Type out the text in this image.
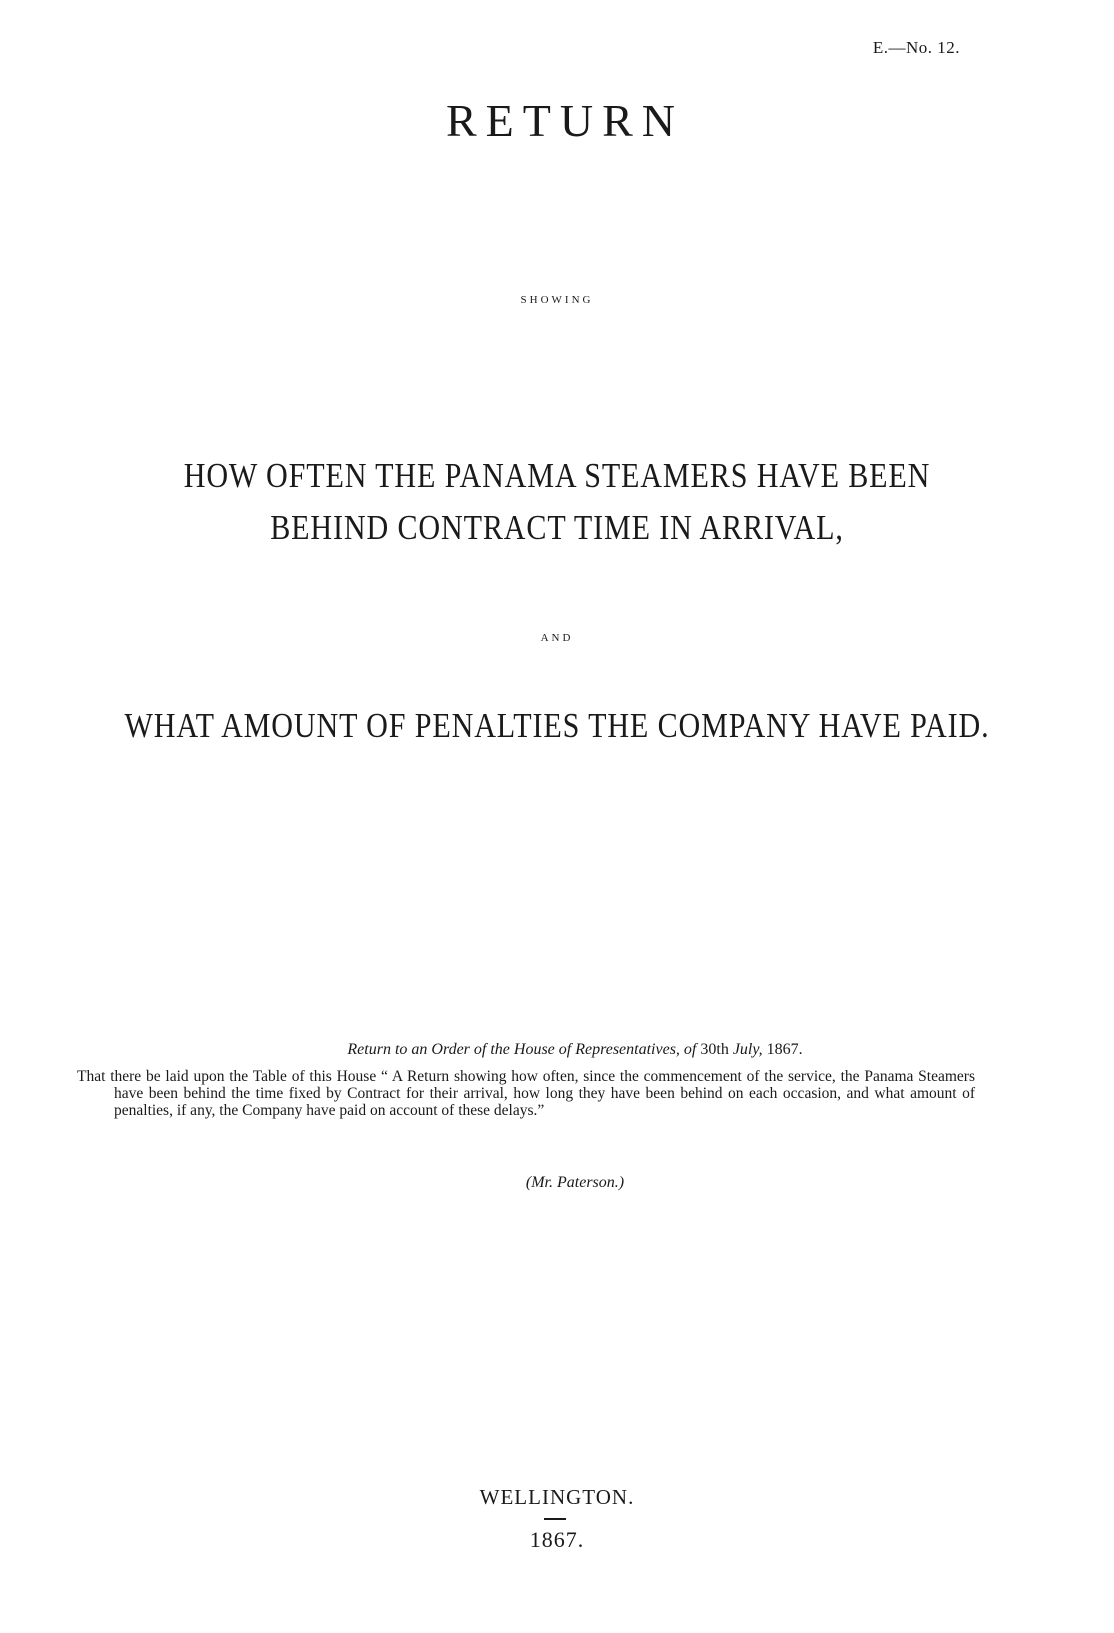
E.—No. 12.
RETURN
SHOWING
HOW OFTEN THE PANAMA STEAMERS HAVE BEEN
BEHIND CONTRACT TIME IN ARRIVAL,
AND
WHAT AMOUNT OF PENALTIES THE COMPANY HAVE PAID.
Return to an Order of the House of Representatives, of 30th July, 1867.
That there be laid upon the Table of this House “ A Return showing how often, since the commencement of the service, the Panama Steamers have been behind the time fixed by Contract for their arrival, how long they have been behind on each occasion, and what amount of penalties, if any, the Company have paid on account of these delays.”
(Mr. Paterson.)
WELLINGTON.
1867.
